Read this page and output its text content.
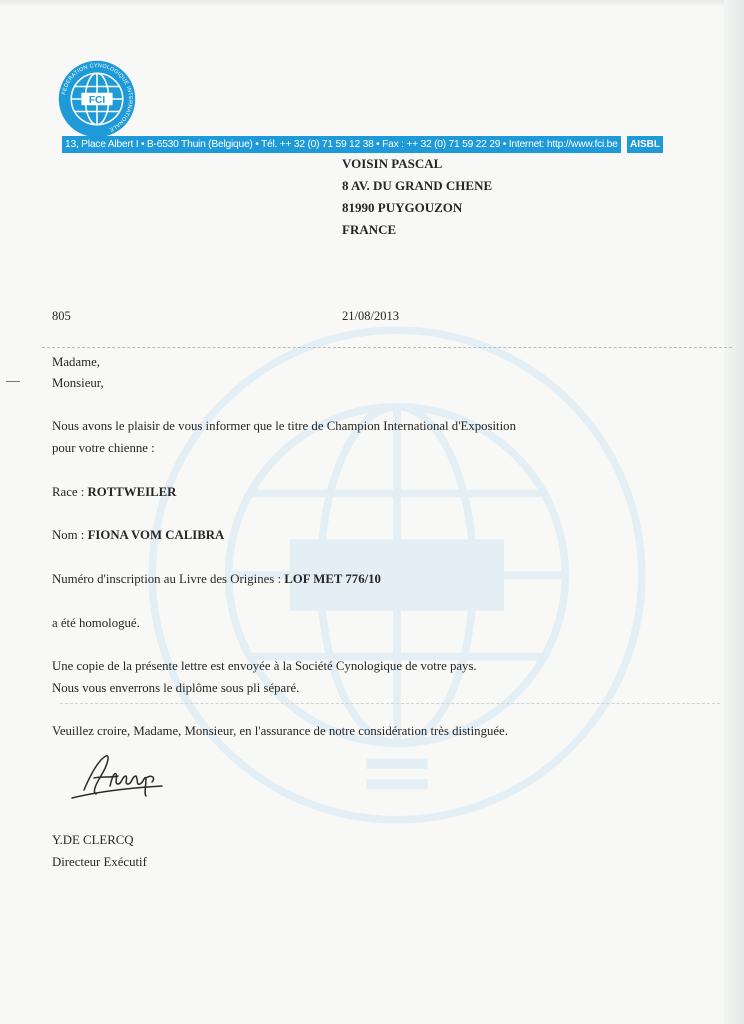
FCI
FEDERATION CYNOLOGIQUE INTERNATIONALE
13, Place Albert I • B-6530 Thuin (Belgique) • Tél. ++ 32 (0) 71 59 12 38 • Fax : ++ 32 (0) 71 59 22 29 • Internet: http://www.fci.be	AISBL
VOISIN PASCAL
8 AV. DU GRAND CHENE
81990 PUYGOUZON
FRANCE
805	21/08/2013
Madame,
Monsieur,
Nous avons le plaisir de vous informer que le titre de Champion International d'Exposition
pour votre chienne :
Race : ROTTWEILER
Nom : FIONA VOM CALIBRA
Numéro d'inscription au Livre des Origines : LOF MET 776/10
a été homologué.
Une copie de la présente lettre est envoyée à la Société Cynologique de votre pays.
Nous vous enverrons le diplôme sous pli séparé.
Veuillez croire, Madame, Monsieur, en l'assurance de notre considération très distinguée.
Y.DE CLERCQ
Directeur Exécutif
